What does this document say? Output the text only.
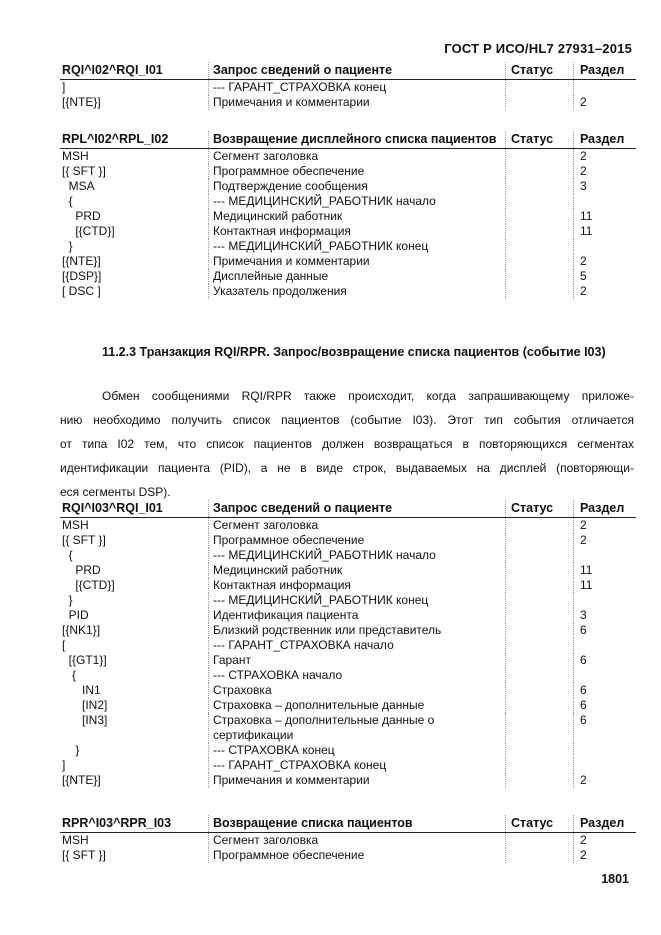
ГОСТ Р ИСО/HL7 27931–2015
RQI^I02^RQI_I01	Запрос сведений о пациенте	Статус	Раздел
]	--- ГАРАНТ_СТРАХОВКА конец		
[{NTE}]	Примечания и комментарии		2
RPL^I02^RPL_I02	Возвращение дисплейного списка пациентов	Статус	Раздел
MSH	Сегмент заголовка		2
[{ SFT }]	Программное обеспечение		2
MSA	Подтверждение сообщения		3
{	--- МЕДИЦИНСКИЙ_РАБОТНИК начало		
PRD	Медицинский работник		11
[{CTD}]	Контактная информация		11
}	--- МЕДИЦИНСКИЙ_РАБОТНИК конец		
[{NTE}]	Примечания и комментарии		2
[{DSP}]	Дисплейные данные		5
[ DSC ]	Указатель продолжения		2
11.2.3 Транзакция RQI/RPR. Запрос/возвращение списка пациентов (событие I03)
Обмен сообщениями RQI/RPR также происходит, когда запрашивающему приложе-
нию необходимо получить список пациентов (событие I03). Этот тип события отличается
от типа I02 тем, что список пациентов должен возвращаться в повторяющихся сегментах
идентификации пациента (PID), а не в виде строк, выдаваемых на дисплей (повторяющи-
еся сегменты DSP).
RQI^I03^RQI_I01	Запрос сведений о пациенте	Статус	Раздел
MSH	Сегмент заголовка		2
[{ SFT }]	Программное обеспечение		2
{	--- МЕДИЦИНСКИЙ_РАБОТНИК начало		
PRD	Медицинский работник		11
[{CTD}]	Контактная информация		11
}	--- МЕДИЦИНСКИЙ_РАБОТНИК конец		
PID	Идентификация пациента		3
[{NK1}]	Близкий родственник или представитель		6
[	--- ГАРАНТ_СТРАХОВКА начало		
[{GT1}]	Гарант		6
{	--- СТРАХОВКА начало		
IN1	Страховка		6
[IN2]	Страховка – дополнительные данные		6
[IN3]	Страховка – дополнительные данные о сертификации		6
}	--- СТРАХОВКА конец		
]	--- ГАРАНТ_СТРАХОВКА конец		
[{NTE}]	Примечания и комментарии		2
RPR^I03^RPR_I03	Возвращение списка пациентов	Статус	Раздел
MSH	Сегмент заголовка		2
[{ SFT }]	Программное обеспечение		2
1801
